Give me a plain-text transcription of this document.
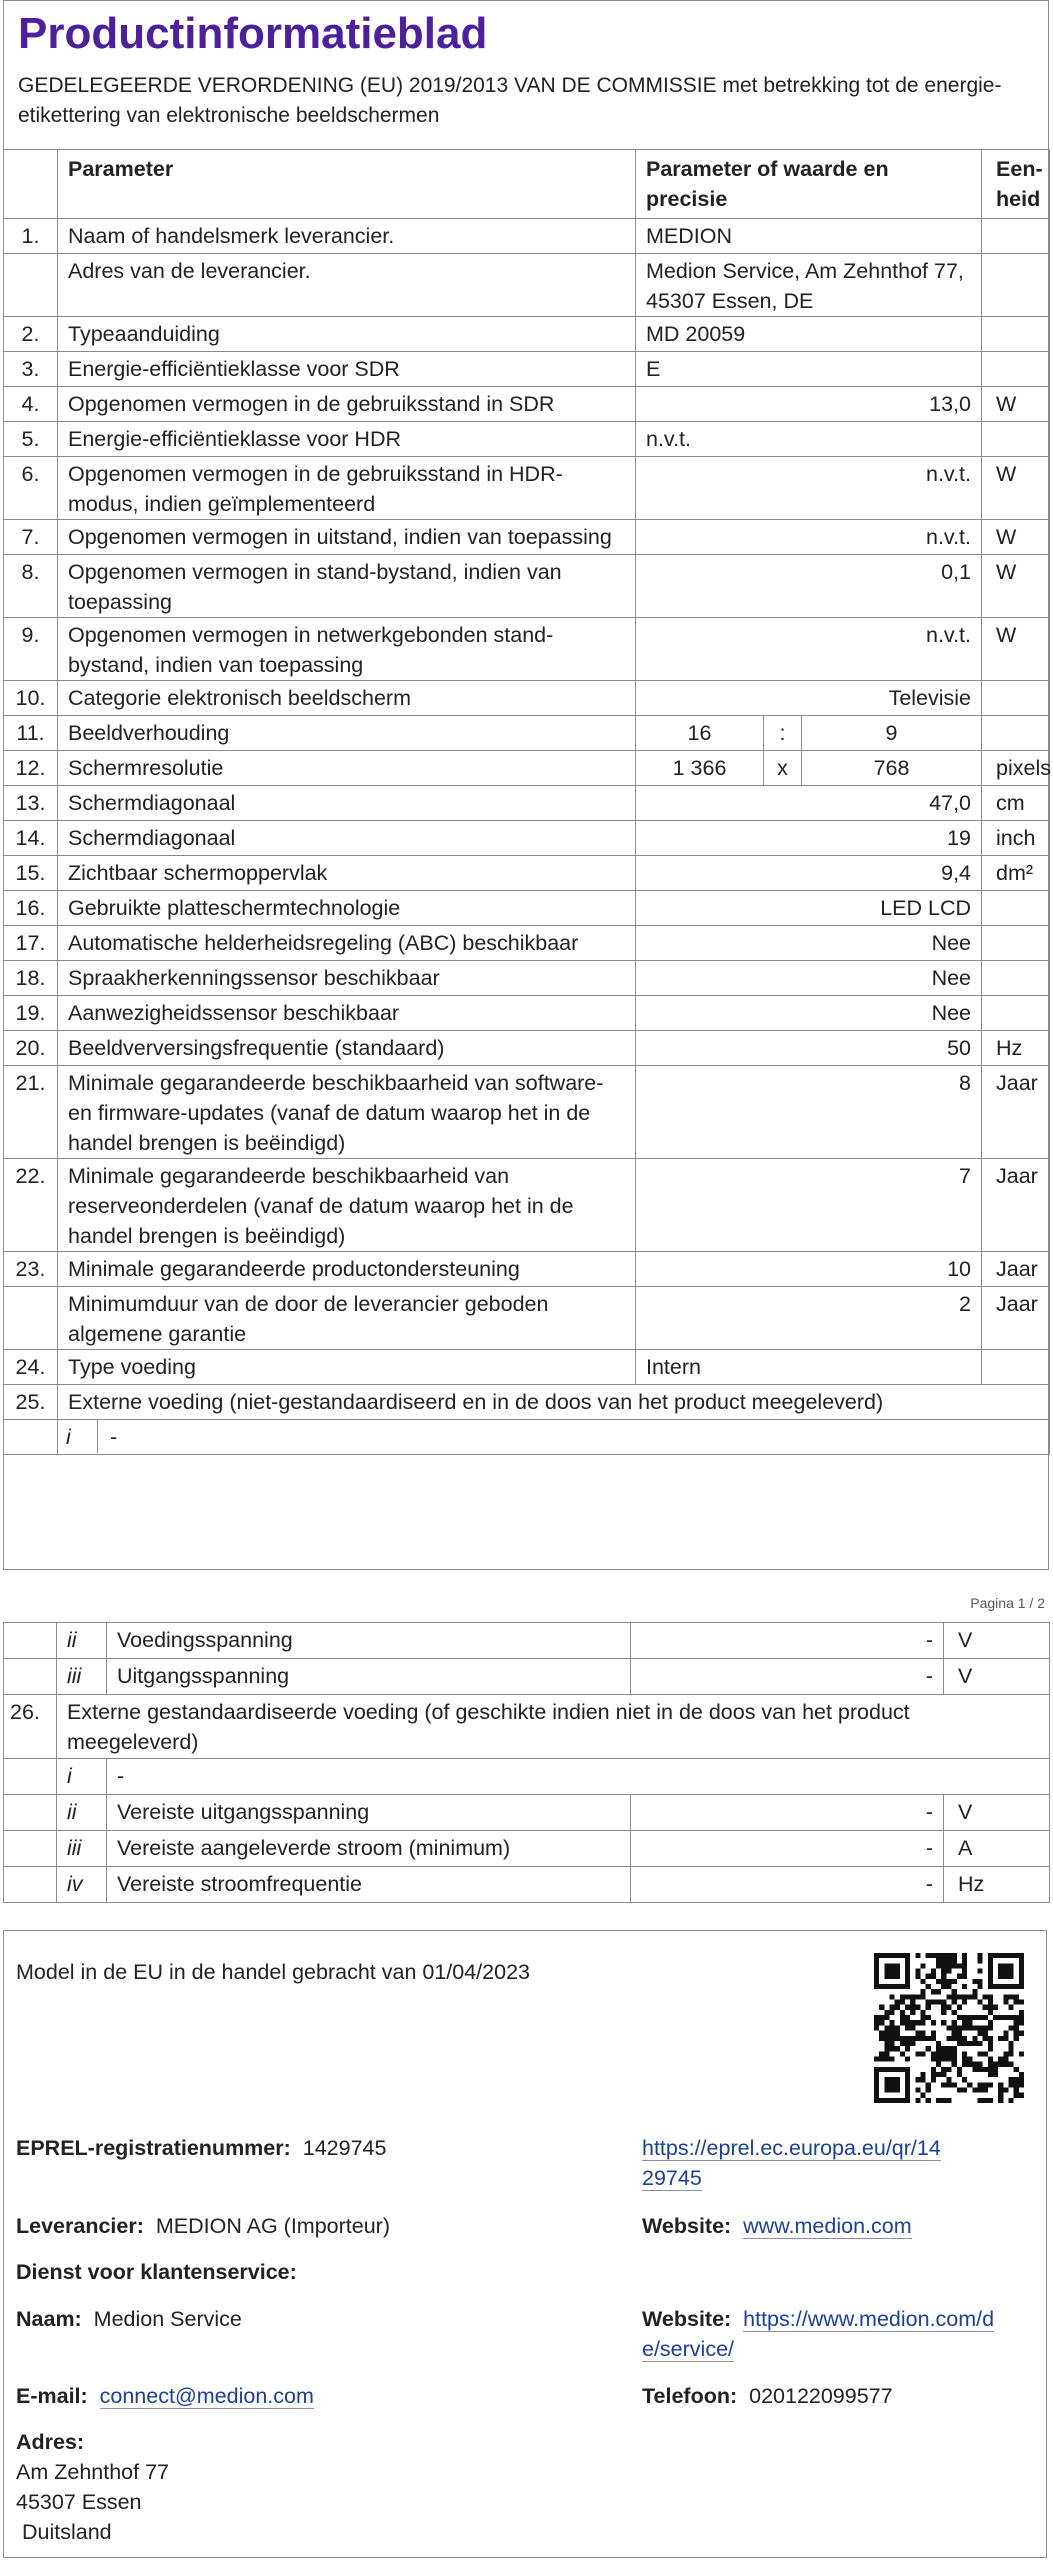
Productinformatieblad
GEDELEGEERDE VERORDENING (EU) 2019/2013 VAN DE COMMISSIE met betrekking tot de energie-etikettering van elektronische beeldschermen
	Parameter	Parameter of waarde en precisie			Een-heid
1.	Naam of handelsmerk leverancier.	MEDION			
	Adres van de leverancier.	Medion Service, Am Zehnthof 77, 45307 Essen, DE			
2.	Typeaanduiding	MD 20059			
3.	Energie-efficiëntieklasse voor SDR	E			
4.	Opgenomen vermogen in de gebruiksstand in SDR	13,0			W
5.	Energie-efficiëntieklasse voor HDR	n.v.t.			
6.	Opgenomen vermogen in de gebruiksstand in HDR-modus, indien geïmplementeerd	n.v.t.			W
7.	Opgenomen vermogen in uitstand, indien van toepassing	n.v.t.			W
8.	Opgenomen vermogen in stand-bystand, indien van toepassing	0,1			W
9.	Opgenomen vermogen in netwerkgebonden stand-bystand, indien van toepassing	n.v.t.			W
10.	Categorie elektronisch beeldscherm	Televisie			
11.	Beeldverhouding	16	:	9	
12.	Schermresolutie	1 366	x	768	pixels
13.	Schermdiagonaal	47,0			cm
14.	Schermdiagonaal	19			inch
15.	Zichtbaar schermoppervlak	9,4			dm²
16.	Gebruikte platteschermtechnologie	LED LCD			
17.	Automatische helderheidsregeling (ABC) beschikbaar	Nee			
18.	Spraakherkenningssensor beschikbaar	Nee			
19.	Aanwezigheidssensor beschikbaar	Nee			
20.	Beeldverversingsfrequentie (standaard)	50			Hz
21.	Minimale gegarandeerde beschikbaarheid van software- en firmware-updates (vanaf de datum waarop het in de handel brengen is beëindigd)	8			Jaar
22.	Minimale gegarandeerde beschikbaarheid van reserveonderdelen (vanaf de datum waarop het in de handel brengen is beëindigd)	7			Jaar
23.	Minimale gegarandeerde productondersteuning	10			Jaar
	Minimumduur van de door de leverancier geboden algemene garantie	2			Jaar
24.	Type voeding	Intern			
25.	Externe voeding (niet-gestandaardiseerd en in de doos van het product meegeleverd)				

	i -				
Pagina 1 / 2
	ii	Voedingsspanning	-	V
	iii	Uitgangsspanning	-	V
26.	Externe gestandaardiseerde voeding (of geschikte indien niet in de doos van het product meegeleverd)			
	i	-		
	ii	Vereiste uitgangsspanning	-	V
	iii	Vereiste aangeleverde stroom (minimum)	-	A
	iv	Vereiste stroomfrequentie	-	Hz
Model in de EU in de handel gebracht van 01/04/2023
EPREL-registratienummer: 1429745	https://eprel.ec.europa.eu/qr/14
29745
Leverancier: MEDION AG (Importeur)	Website: www.medion.com
Dienst voor klantenservice:
Naam: Medion Service	Website: https://www.medion.com/d
e/service/
E-mail: connect@medion.com	Telefoon: 020122099577
Adres:
Am Zehnthof 77
45307 Essen
Duitsland
